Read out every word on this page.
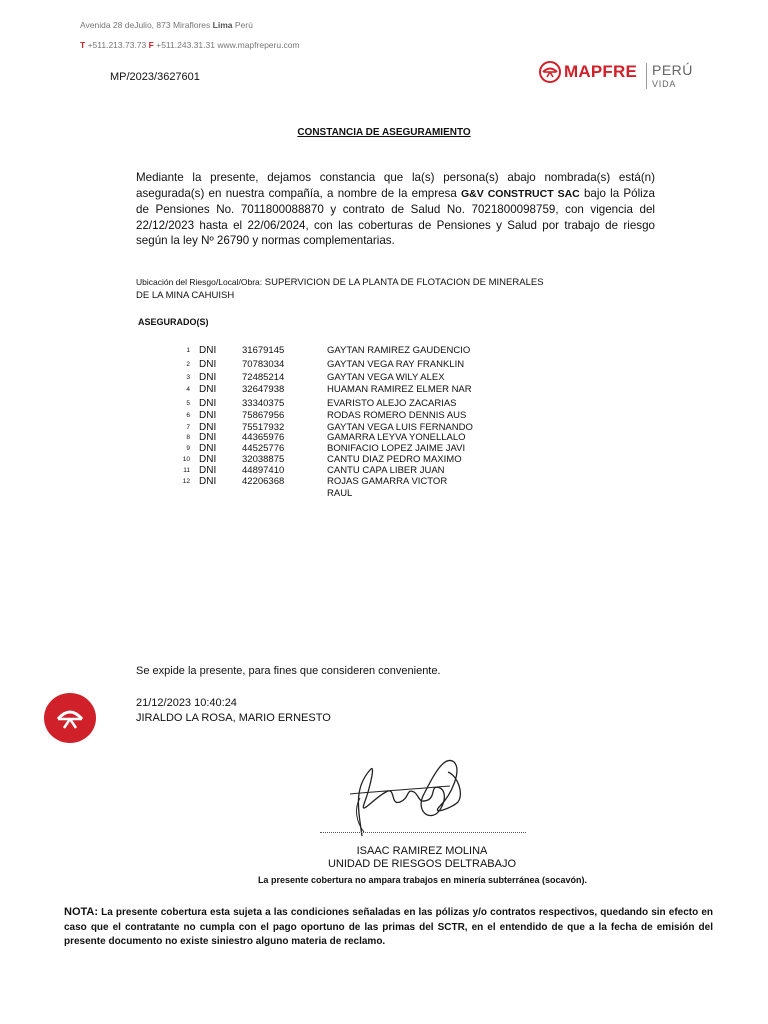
Avenida 28 deJulio, 873 Miraflores Lima Perú
T +511.213.73.73 F +511.243.31.31 www.mapfreperu.com
MP/2023/3627601	MAPFRE PERÚ
VIDA
CONSTANCIA DE ASEGURAMIENTO
Mediante la presente, dejamos constancia que la(s) persona(s) abajo nombrada(s) está(n) asegurada(s) en nuestra compañía, a nombre de la empresa G&V CONSTRUCT SAC bajo la Póliza de Pensiones No. 7011800088870 y contrato de Salud No. 7021800098759, con vigencia del 22/12/2023 hasta el 22/06/2024, con las coberturas de Pensiones y Salud por trabajo de riesgo según la ley Nº 26790 y normas complementarias.
Ubicación del Riesgo/Local/Obra: SUPERVICION DE LA PLANTA DE FLOTACION DE MINERALES DE LA MINA CAHUISH
ASEGURADO(S)
1 DNI	31679145	GAYTAN RAMIREZ GAUDENCIO
2 DNI	70783034	GAYTAN VEGA RAY FRANKLIN
3 DNI	72485214	GAYTAN VEGA WILY ALEX
4 DNI	32647938	HUAMAN RAMIREZ ELMER NAR
5 DNI	33340375	EVARISTO ALEJO ZACARIAS
6 DNI	75867956	RODAS ROMERO DENNIS AUS
7 DNI	75517932	GAYTAN VEGA LUIS FERNANDO
8 DNI	44365976	GAMARRA LEYVA YONELLALO
9 DNI	44525776	BONIFACIO LOPEZ JAIME JAVI
10 DNI	32038875	CANTU DIAZ PEDRO MAXIMO
11 DNI	44897410	CANTU CAPA LIBER JUAN
12 DNI	42206368	ROJAS GAMARRA VICTOR
RAUL
Se expide la presente, para fines que consideren conveniente.
21/12/2023 10:40:24
JIRALDO LA ROSA, MARIO ERNESTO
ISAAC RAMIREZ MOLINA
UNIDAD DE RIESGOS DELTRABAJO
La presente cobertura no ampara trabajos en minería subterránea (socavón).
NOTA: La presente cobertura esta sujeta a las condiciones señaladas en las pólizas y/o contratos respectivos, quedando sin efecto en caso que el contratante no cumpla con el pago oportuno de las primas del SCTR, en el entendido de que a la fecha de emisión del presente documento no existe siniestro alguno materia de reclamo.
